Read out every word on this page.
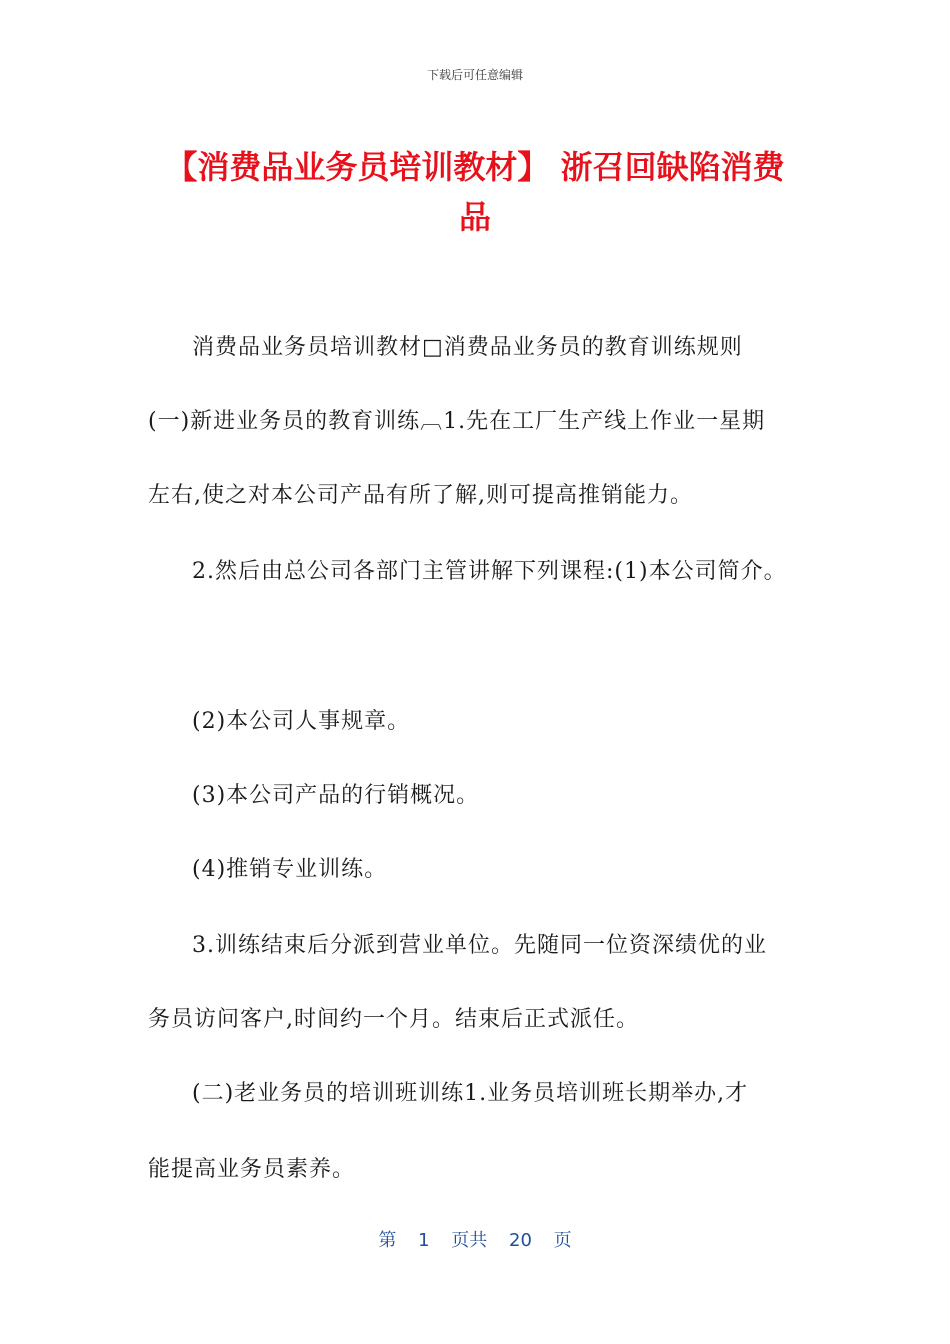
下载后可任意编辑
【消费品业务员培训教材】 浙召回缺陷消费品

消费品业务员培训教材□消费品业务员的教育训练规则

(一)新进业务员的教育训练︹1.先在工厂生产线上作业一星期

左右,使之对本公司产品有所了解,则可提高推销能力。

2.然后由总公司各部门主管讲解下列课程:(1)本公司简介。

(2)本公司人事规章。

(3)本公司产品的行销概况。

(4)推销专业训练。

3.训练结束后分派到营业单位。先随同一位资深绩优的业

务员访问客户,时间约一个月。结束后正式派任。

(二)老业务员的培训班训练1.业务员培训班长期举办,才

能提高业务员素养。

第 1 页共 20 页
